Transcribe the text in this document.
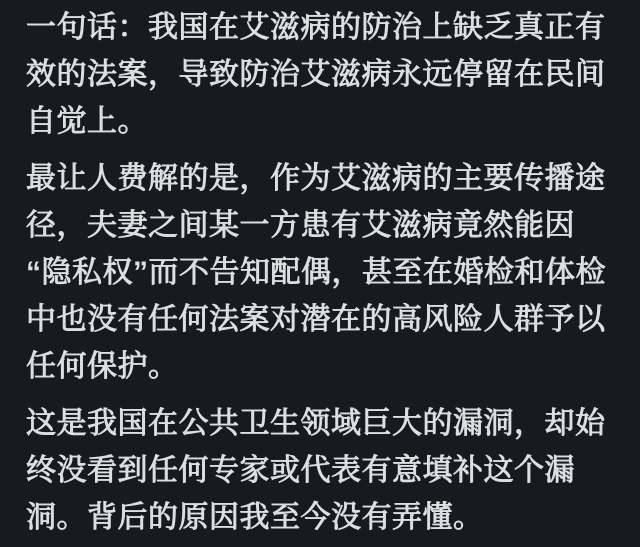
一句话：我国在艾滋病的防治上缺乏真正有效的法案，导致防治艾滋病永远停留在民间自觉上。

最让人费解的是，作为艾滋病的主要传播途径，夫妻之间某一方患有艾滋病竟然能因“隐私权”而不告知配偶，甚至在婚检和体检中也没有任何法案对潜在的高风险人群予以任何保护。

这是我国在公共卫生领域巨大的漏洞，却始终没看到任何专家或代表有意填补这个漏洞。背后的原因我至今没有弄懂。
